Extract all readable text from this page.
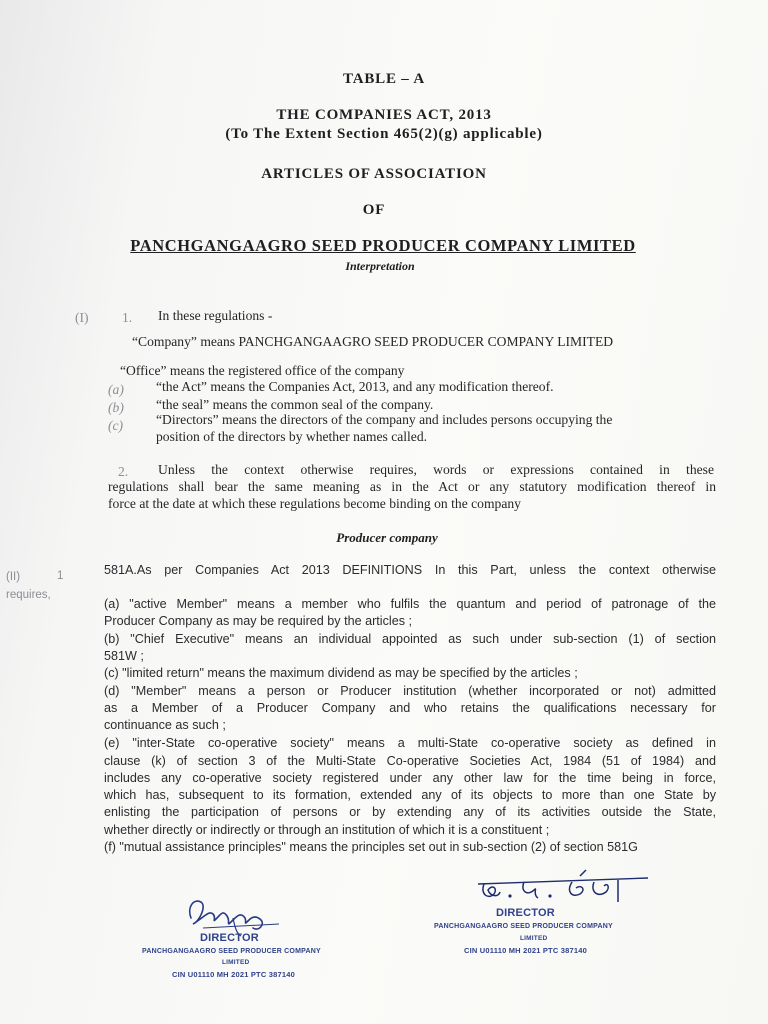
TABLE – A
THE COMPANIES ACT, 2013
(To The Extent Section 465(2)(g) applicable)
ARTICLES OF ASSOCIATION
OF
PANCHGANGAAGRO SEED PRODUCER COMPANY LIMITED
Interpretation
(I) 1. In these regulations -
“Company” means PANCHGANGAAGRO SEED PRODUCER COMPANY LIMITED
“Office” means the registered office of the company
(a) “the Act” means the Companies Act, 2013, and any modification thereof.
(b) “the seal” means the common seal of the company.
(c) “Directors” means the directors of the company and includes persons occupying the
position of the directors by whether names called.
2. Unless the context otherwise requires, words or expressions contained in these
regulations shall bear the same meaning as in the Act or any statutory modification thereof in
force at the date at which these regulations become binding on the company
Producer company
(II)	1
requires,
581A.As per Companies Act 2013 DEFINITIONS In this Part, unless the context otherwise
(a) "active Member" means a member who fulfils the quantum and period of patronage of the
Producer Company as may be required by the articles ;
(b) "Chief Executive" means an individual appointed as such under sub-section (1) of section
581W ;
(c) "limited return" means the maximum dividend as may be specified by the articles ;
(d) "Member" means a person or Producer institution (whether incorporated or not) admitted
as a Member of a Producer Company and who retains the qualifications necessary for
continuance as such ;
(e) "inter-State co-operative society" means a multi-State co-operative society as defined in
clause (k) of section 3 of the Multi-State Co-operative Societies Act, 1984 (51 of 1984) and
includes any co-operative society registered under any other law for the time being in force,
which has, subsequent to its formation, extended any of its objects to more than one State by
enlisting the participation of persons or by extending any of its activities outside the State,
whether directly or indirectly or through an institution of which it is a constituent ;
(f) "mutual assistance principles" means the principles set out in sub-section (2) of section 581G
DIRECTOR
PANCHGANGAAGRO SEED PRODUCER COMPANY
LIMITED
CIN U01110 MH 2021 PTC 387140
DIRECTOR
PANCHGANGAAGRO SEED PRODUCER COMPANY
LIMITED
CIN U01110 MH 2021 PTC 387140
